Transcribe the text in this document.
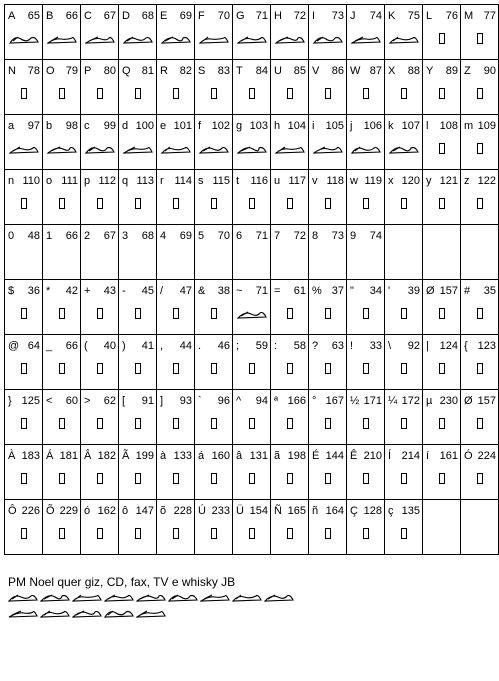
A 65	B 66	C 67	D 68	E 69	F 70	G 71	H 72	I 73	J 74	K 75	L 76	M 77

N 78	O 79	P 80	Q 81	R 82	S 83	T 84	U 85	V 86	W 87	X 88	Y 89	Z 90

a 97	b 98	c 99	d 100	e 101	f 102	g 103	h 104	i 105	j 106	k 107	l 108	m 109

n 110	o 111	p 112	q 113	r 114	s 115	t 116	u 117	v 118	w 119	x 120	y 121	z 122

0 48	1 66	2 67	3 68	4 69	5 70	6 71	7 72	8 73	9 74			

$ 36	* 42	+ 43	- 45	/ 47	& 38	~ 71	= 61	% 37	" 34	' 39	Ø 157	# 35

@ 64	_ 66	( 40	) 41	, 44	. 46	; 59	: 58	? 63	! 33	\ 92	| 124	{ 123

} 125	< 60	> 62	[ 91	] 93	` 96	^ 94	ª 166	° 167	½ 171	¼ 172	µ 230	Ø 157

À 183	Á 181	Â 182	Ã 199	à 133	á 160	â 131	ã 198	É 144	Ê 210	Í 214	í 161	Ó 224

Ô 226	Õ 229	ó 162	ô 147	õ 228	Ú 233	Ü 154	Ñ 165	ñ 164	Ç 128	ç 135		

PM Noel quer giz, CD, fax, TV e whisky JB
